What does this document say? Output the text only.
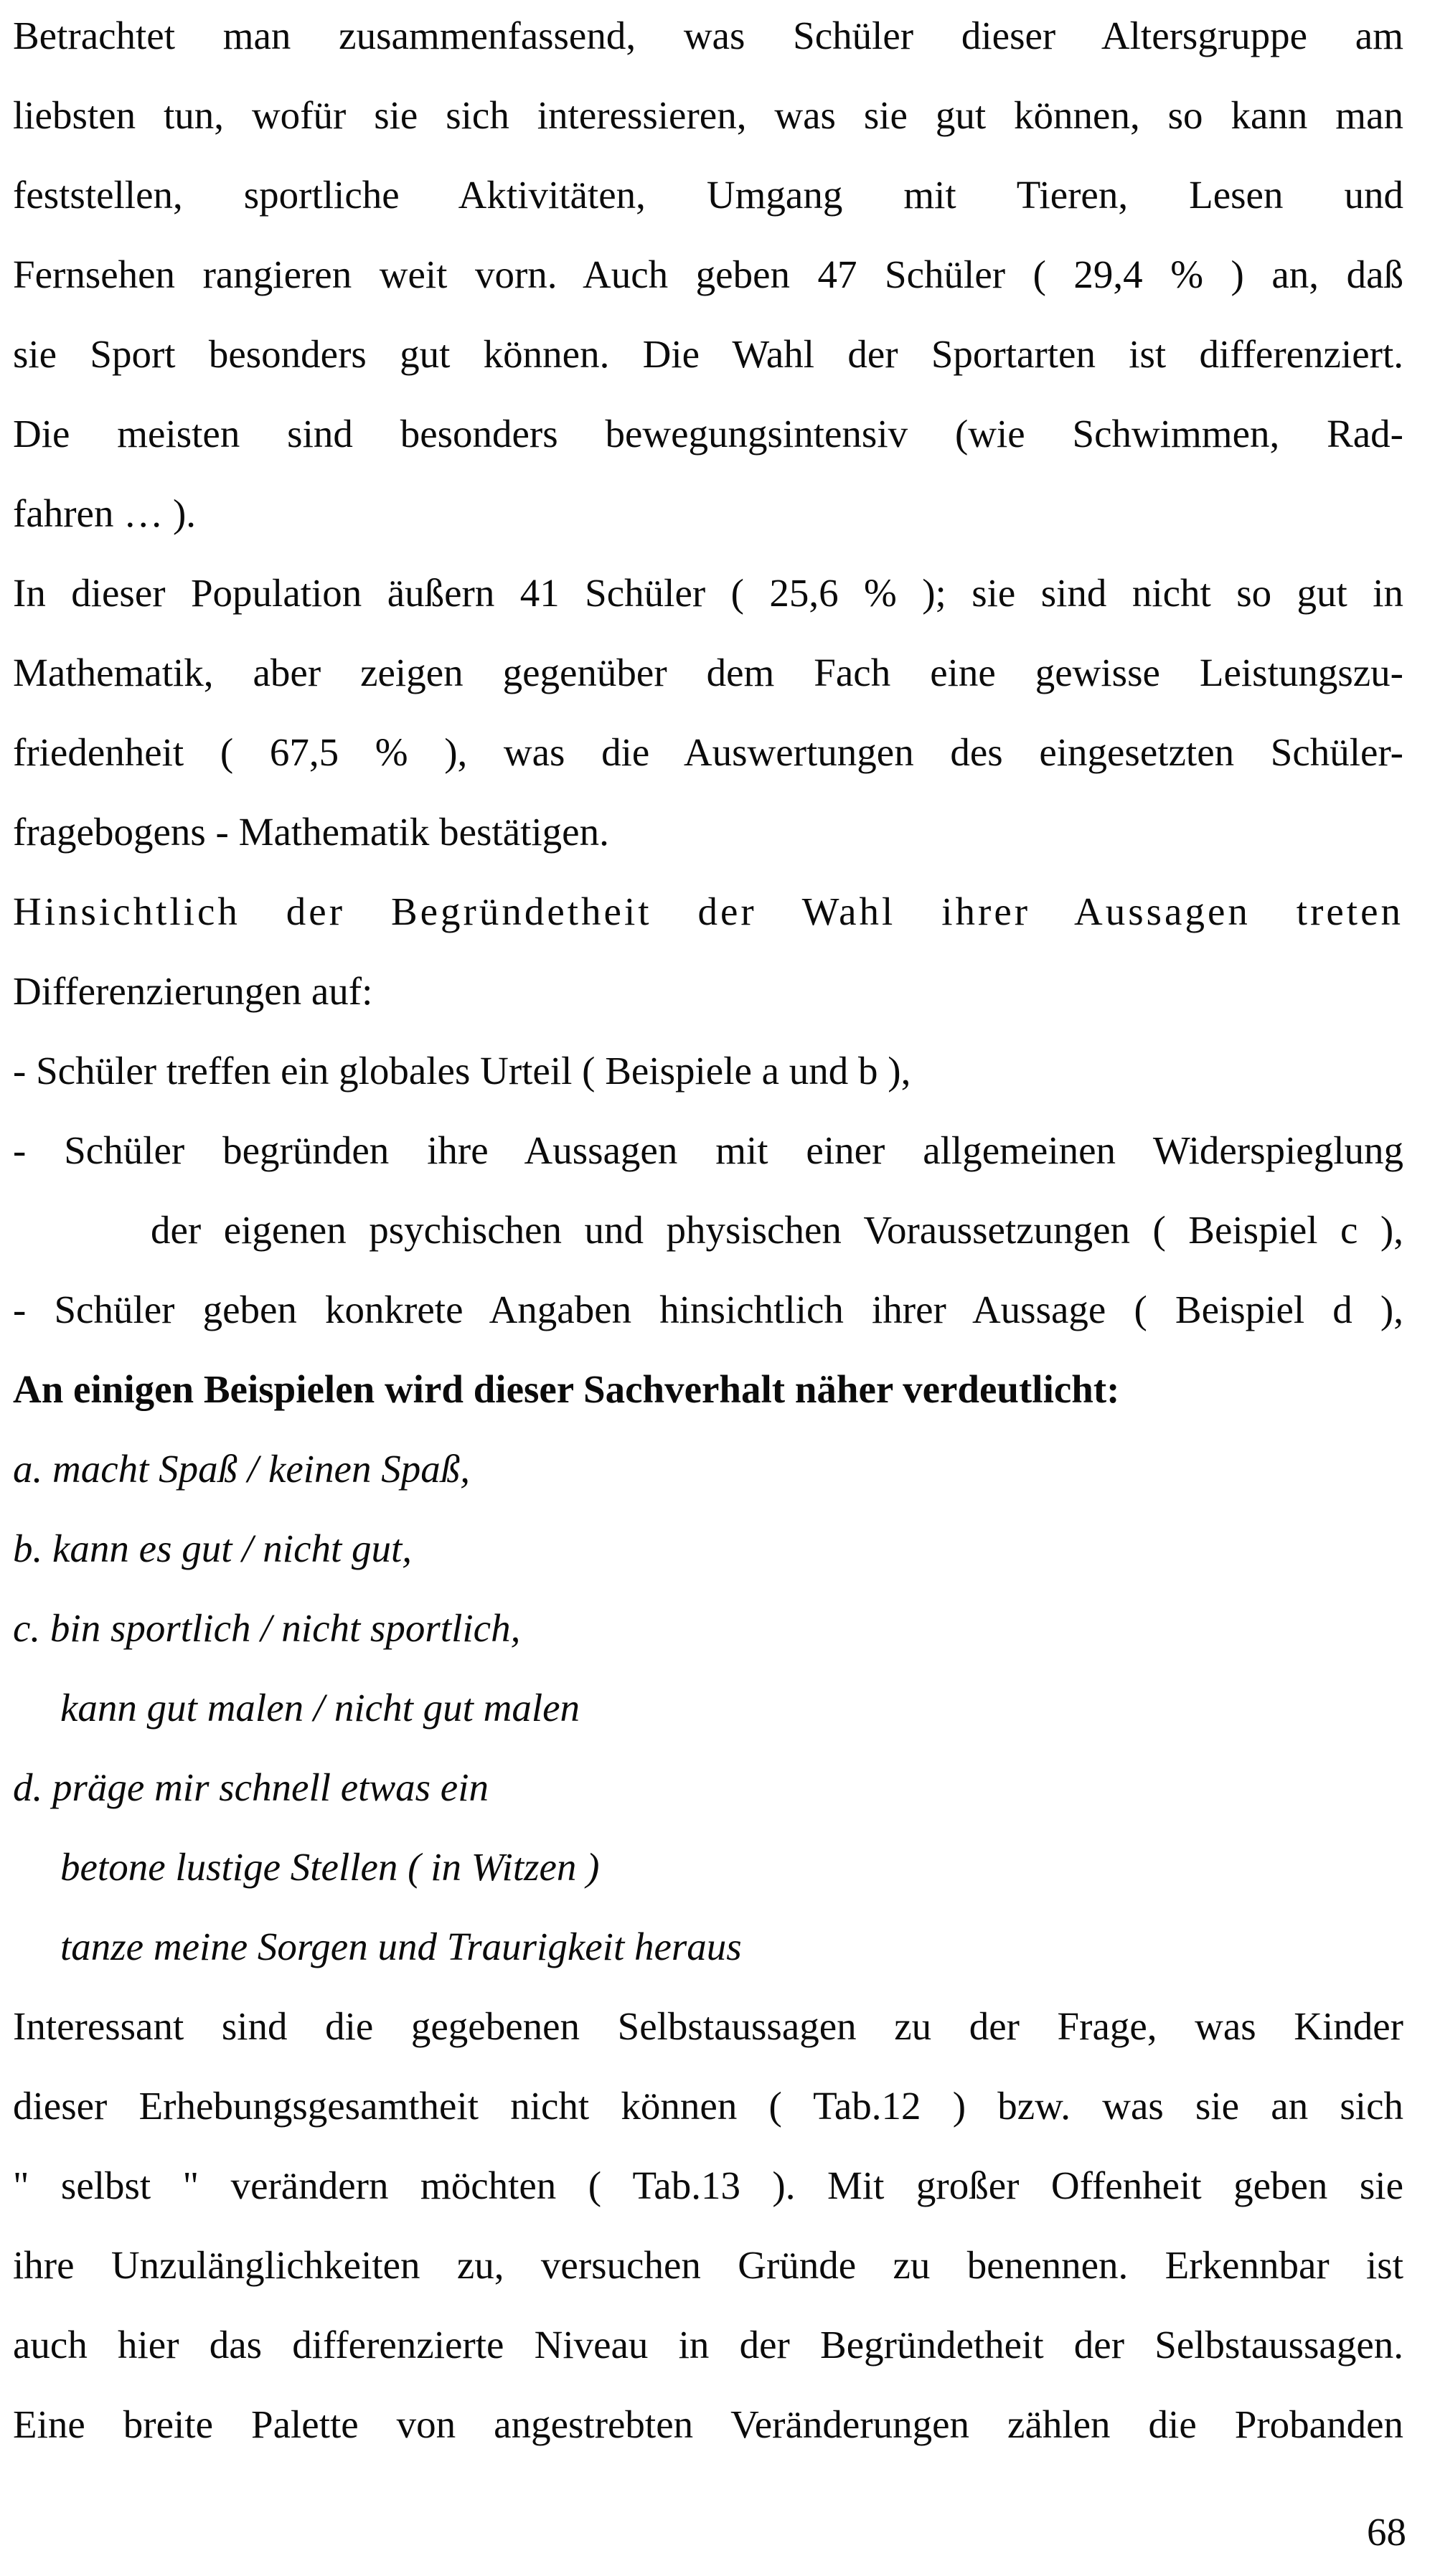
Betrachtet man zusammenfassend, was Schüler dieser Altersgruppe am

liebsten tun, wofür sie sich interessieren, was sie gut können, so kann man

feststellen, sportliche Aktivitäten, Umgang mit Tieren, Lesen und

Fernsehen rangieren weit vorn. Auch geben 47 Schüler ( 29,4 % ) an, daß

sie Sport besonders gut können. Die Wahl der Sportarten ist differenziert.

Die meisten sind besonders bewegungsintensiv (wie Schwimmen, Rad-

fahren … ).

In dieser Population äußern 41 Schüler ( 25,6 % ); sie sind nicht so gut in

Mathematik, aber zeigen gegenüber dem Fach eine gewisse Leistungszu-

friedenheit ( 67,5 % ), was die Auswertungen des eingesetzten Schüler-

fragebogens - Mathematik bestätigen.

Hinsichtlich der Begründetheit der Wahl ihrer Aussagen treten

Differenzierungen auf:

- Schüler treffen ein globales Urteil ( Beispiele a und b ),

- Schüler begründen ihre Aussagen mit einer allgemeinen Widerspieglung

der eigenen psychischen und physischen Voraussetzungen ( Beispiel c ),

- Schüler geben konkrete Angaben hinsichtlich ihrer Aussage ( Beispiel d ),

An einigen Beispielen wird dieser Sachverhalt näher verdeutlicht:

a. macht Spaß / keinen Spaß,

b. kann es gut / nicht gut,

c. bin sportlich / nicht sportlich,

kann gut malen / nicht gut malen

d. präge mir schnell etwas ein

betone lustige Stellen ( in Witzen )

tanze meine Sorgen und Traurigkeit heraus

Interessant sind die gegebenen Selbstaussagen zu der Frage, was Kinder

dieser Erhebungsgesamtheit nicht können ( Tab.12 ) bzw. was sie an sich

" selbst " verändern möchten ( Tab.13 ). Mit großer Offenheit geben sie

ihre Unzulänglichkeiten zu, versuchen Gründe zu benennen. Erkennbar ist

auch hier das differenzierte Niveau in der Begründetheit der Selbstaussagen.

Eine breite Palette von angestrebten Veränderungen zählen die Probanden

68
